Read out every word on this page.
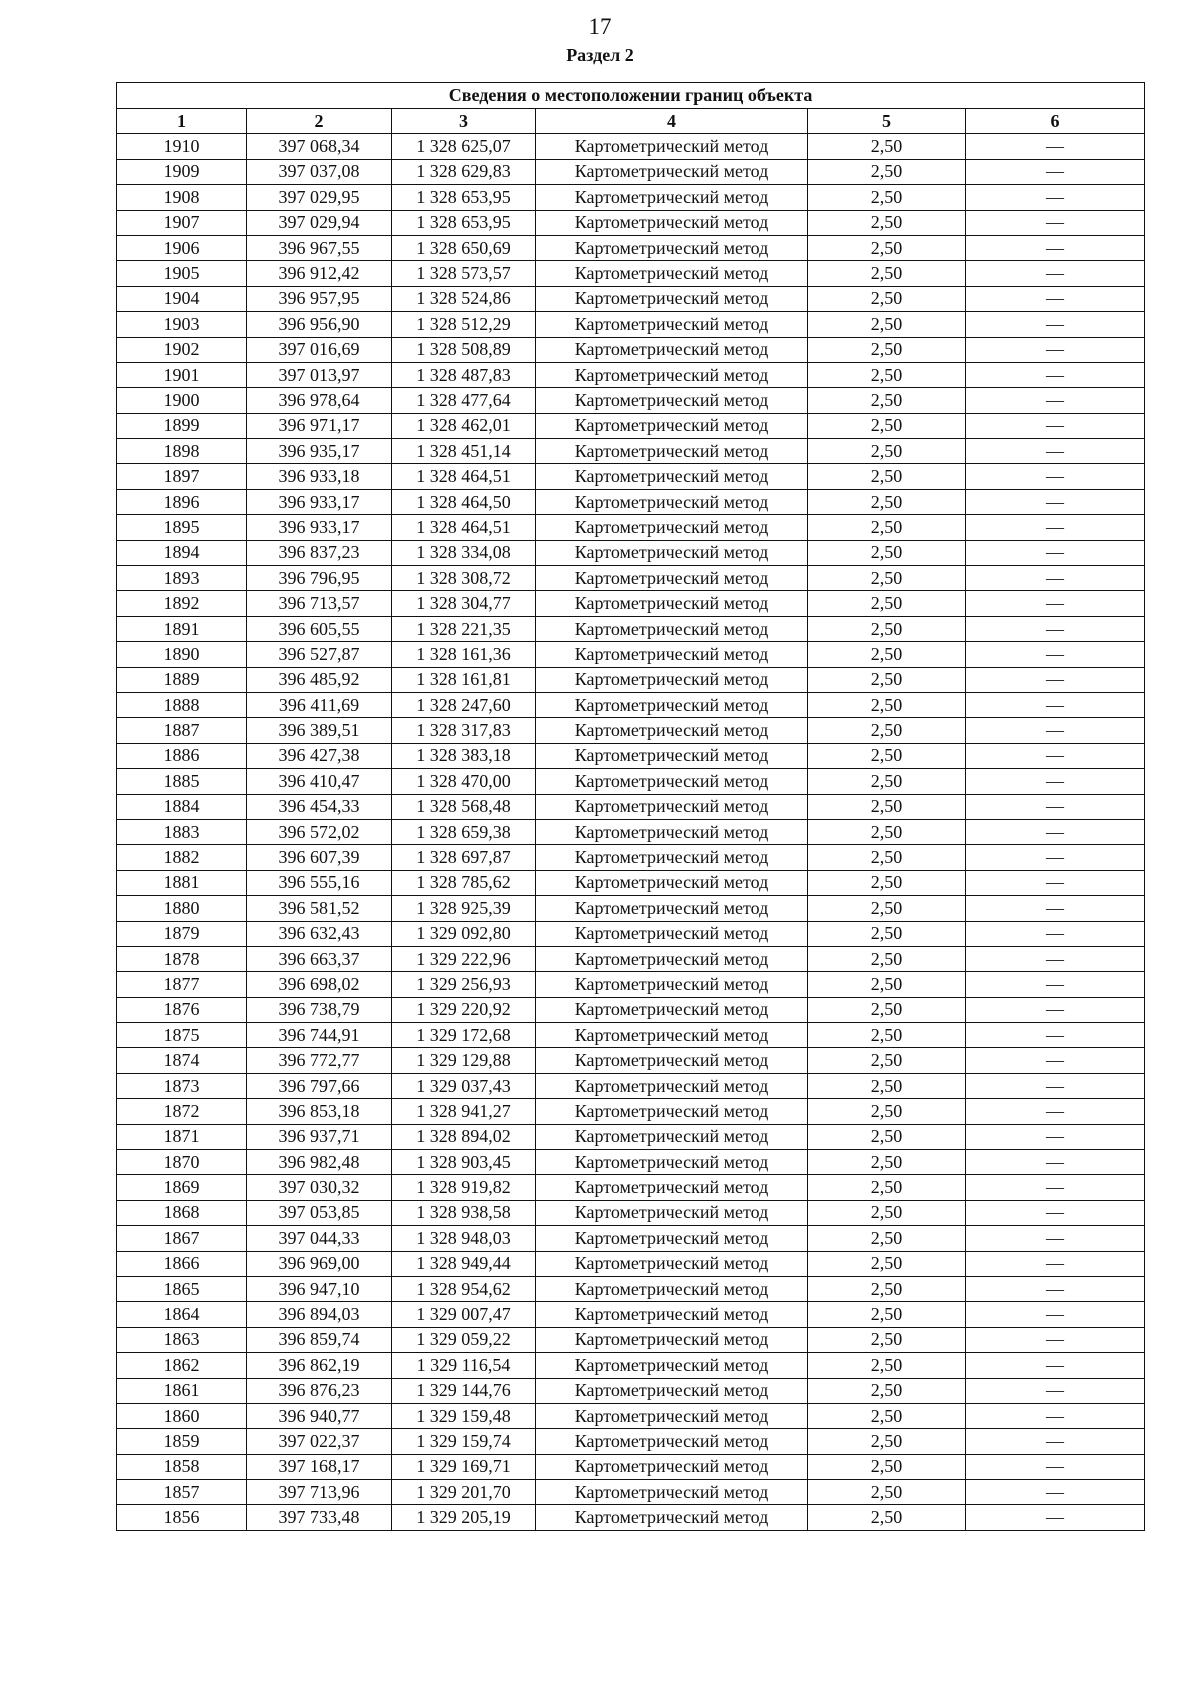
17
Раздел 2
Сведения о местоположении границ объекта					
1	2	3	4	5	6
1910	397 068,34	1 328 625,07	Картометрический метод	2,50	—
1909	397 037,08	1 328 629,83	Картометрический метод	2,50	—
1908	397 029,95	1 328 653,95	Картометрический метод	2,50	—
1907	397 029,94	1 328 653,95	Картометрический метод	2,50	—
1906	396 967,55	1 328 650,69	Картометрический метод	2,50	—
1905	396 912,42	1 328 573,57	Картометрический метод	2,50	—
1904	396 957,95	1 328 524,86	Картометрический метод	2,50	—
1903	396 956,90	1 328 512,29	Картометрический метод	2,50	—
1902	397 016,69	1 328 508,89	Картометрический метод	2,50	—
1901	397 013,97	1 328 487,83	Картометрический метод	2,50	—
1900	396 978,64	1 328 477,64	Картометрический метод	2,50	—
1899	396 971,17	1 328 462,01	Картометрический метод	2,50	—
1898	396 935,17	1 328 451,14	Картометрический метод	2,50	—
1897	396 933,18	1 328 464,51	Картометрический метод	2,50	—
1896	396 933,17	1 328 464,50	Картометрический метод	2,50	—
1895	396 933,17	1 328 464,51	Картометрический метод	2,50	—
1894	396 837,23	1 328 334,08	Картометрический метод	2,50	—
1893	396 796,95	1 328 308,72	Картометрический метод	2,50	—
1892	396 713,57	1 328 304,77	Картометрический метод	2,50	—
1891	396 605,55	1 328 221,35	Картометрический метод	2,50	—
1890	396 527,87	1 328 161,36	Картометрический метод	2,50	—
1889	396 485,92	1 328 161,81	Картометрический метод	2,50	—
1888	396 411,69	1 328 247,60	Картометрический метод	2,50	—
1887	396 389,51	1 328 317,83	Картометрический метод	2,50	—
1886	396 427,38	1 328 383,18	Картометрический метод	2,50	—
1885	396 410,47	1 328 470,00	Картометрический метод	2,50	—
1884	396 454,33	1 328 568,48	Картометрический метод	2,50	—
1883	396 572,02	1 328 659,38	Картометрический метод	2,50	—
1882	396 607,39	1 328 697,87	Картометрический метод	2,50	—
1881	396 555,16	1 328 785,62	Картометрический метод	2,50	—
1880	396 581,52	1 328 925,39	Картометрический метод	2,50	—
1879	396 632,43	1 329 092,80	Картометрический метод	2,50	—
1878	396 663,37	1 329 222,96	Картометрический метод	2,50	—
1877	396 698,02	1 329 256,93	Картометрический метод	2,50	—
1876	396 738,79	1 329 220,92	Картометрический метод	2,50	—
1875	396 744,91	1 329 172,68	Картометрический метод	2,50	—
1874	396 772,77	1 329 129,88	Картометрический метод	2,50	—
1873	396 797,66	1 329 037,43	Картометрический метод	2,50	—
1872	396 853,18	1 328 941,27	Картометрический метод	2,50	—
1871	396 937,71	1 328 894,02	Картометрический метод	2,50	—
1870	396 982,48	1 328 903,45	Картометрический метод	2,50	—
1869	397 030,32	1 328 919,82	Картометрический метод	2,50	—
1868	397 053,85	1 328 938,58	Картометрический метод	2,50	—
1867	397 044,33	1 328 948,03	Картометрический метод	2,50	—
1866	396 969,00	1 328 949,44	Картометрический метод	2,50	—
1865	396 947,10	1 328 954,62	Картометрический метод	2,50	—
1864	396 894,03	1 329 007,47	Картометрический метод	2,50	—
1863	396 859,74	1 329 059,22	Картометрический метод	2,50	—
1862	396 862,19	1 329 116,54	Картометрический метод	2,50	—
1861	396 876,23	1 329 144,76	Картометрический метод	2,50	—
1860	396 940,77	1 329 159,48	Картометрический метод	2,50	—
1859	397 022,37	1 329 159,74	Картометрический метод	2,50	—
1858	397 168,17	1 329 169,71	Картометрический метод	2,50	—
1857	397 713,96	1 329 201,70	Картометрический метод	2,50	—
1856	397 733,48	1 329 205,19	Картометрический метод	2,50	—
